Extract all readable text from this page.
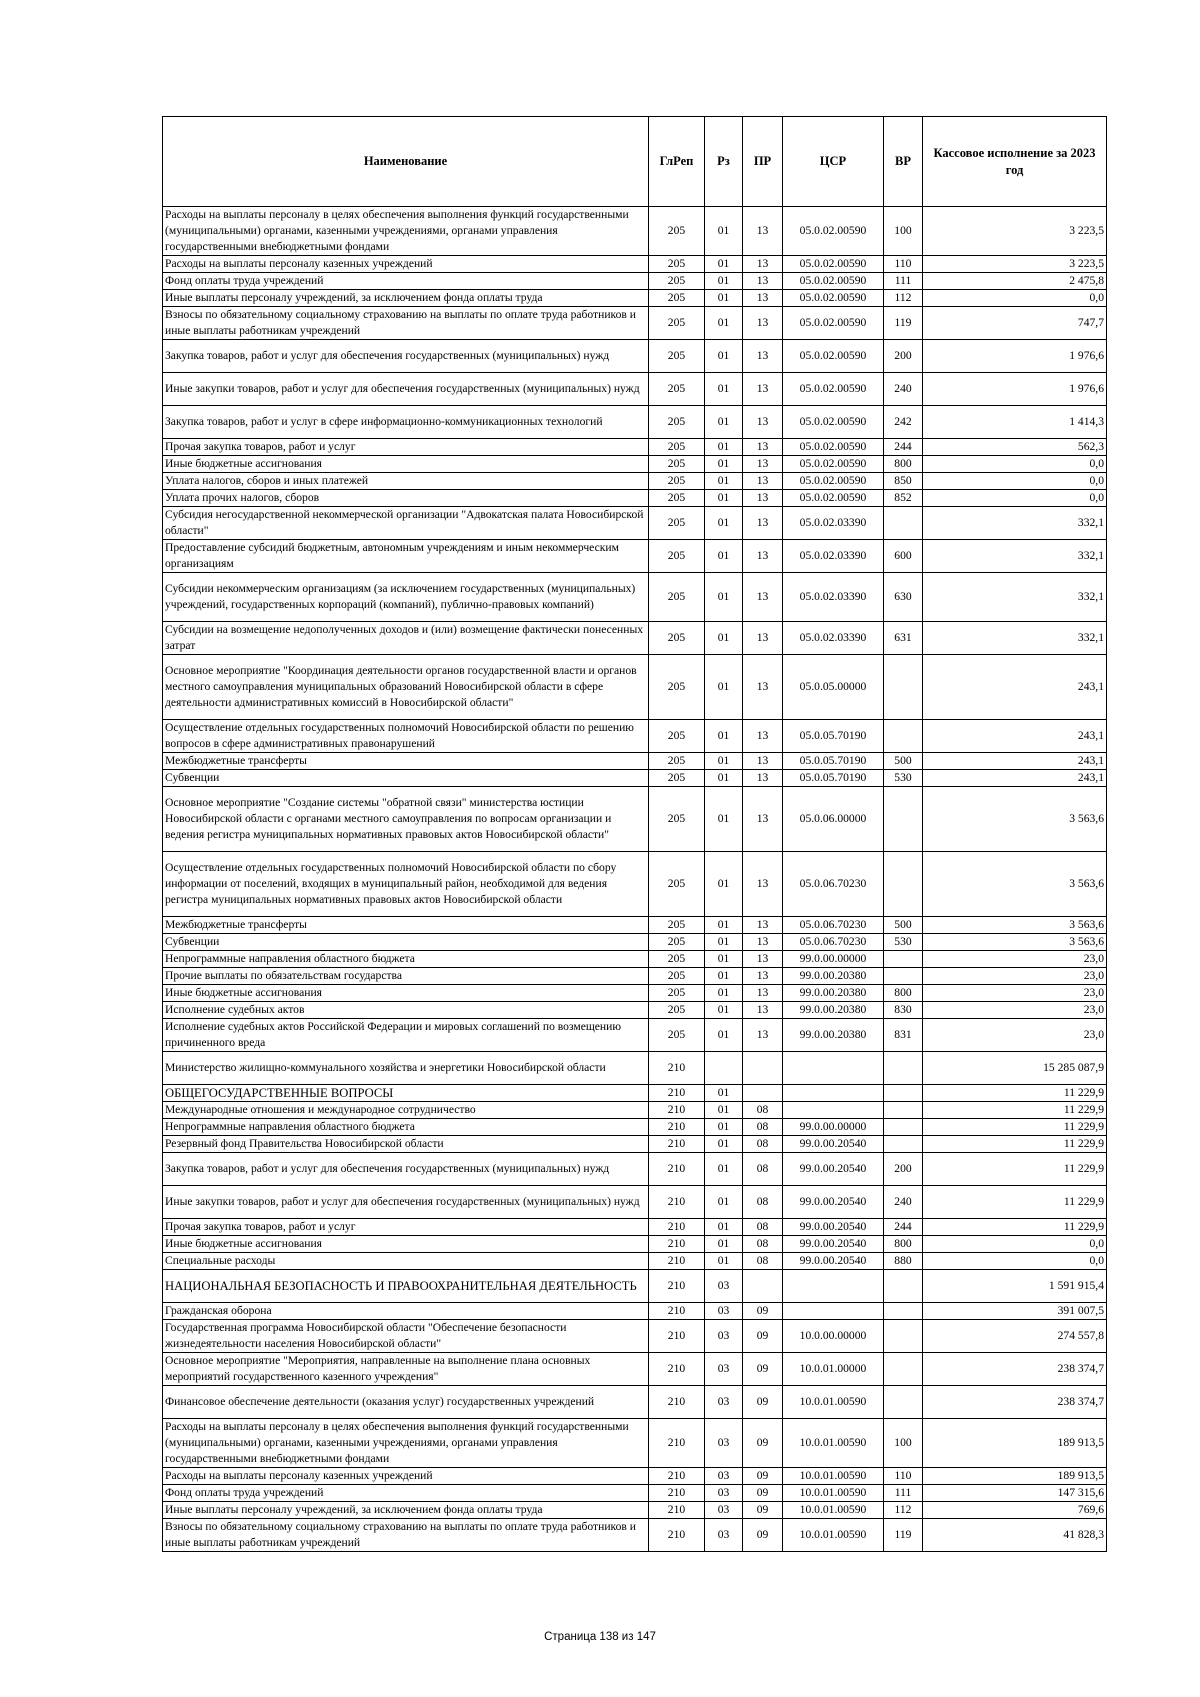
Наименование	ГлРеп	Рз	ПР	ЦСР	ВР	Кассовое исполнение за 2023 год
Расходы на выплаты персоналу в целях обеспечения выполнения функций государственными (муниципальными) органами, казенными учреждениями, органами управления государственными внебюджетными фондами	205	01	13	05.0.02.00590	100	3 223,5
Расходы на выплаты персоналу казенных учреждений	205	01	13	05.0.02.00590	110	3 223,5
Фонд оплаты труда учреждений	205	01	13	05.0.02.00590	111	2 475,8
Иные выплаты персоналу учреждений, за исключением фонда оплаты труда	205	01	13	05.0.02.00590	112	0,0
Взносы по обязательному социальному страхованию на выплаты по оплате труда работников и иные выплаты работникам учреждений	205	01	13	05.0.02.00590	119	747,7
Закупка товаров, работ и услуг для обеспечения государственных (муниципальных) нужд	205	01	13	05.0.02.00590	200	1 976,6
Иные закупки товаров, работ и услуг для обеспечения государственных (муниципальных) нужд	205	01	13	05.0.02.00590	240	1 976,6
Закупка товаров, работ и услуг в сфере информационно-коммуникационных технологий	205	01	13	05.0.02.00590	242	1 414,3
Прочая закупка товаров, работ и услуг	205	01	13	05.0.02.00590	244	562,3
Иные бюджетные ассигнования	205	01	13	05.0.02.00590	800	0,0
Уплата налогов, сборов и иных платежей	205	01	13	05.0.02.00590	850	0,0
Уплата прочих налогов, сборов	205	01	13	05.0.02.00590	852	0,0
Субсидия негосударственной некоммерческой организации "Адвокатская палата Новосибирской области"	205	01	13	05.0.02.03390		332,1
Предоставление субсидий бюджетным, автономным учреждениям и иным некоммерческим организациям	205	01	13	05.0.02.03390	600	332,1
Субсидии некоммерческим организациям (за исключением государственных (муниципальных) учреждений, государственных корпораций (компаний), публично-правовых компаний)	205	01	13	05.0.02.03390	630	332,1
Субсидии на возмещение недополученных доходов и (или) возмещение фактически понесенных затрат	205	01	13	05.0.02.03390	631	332,1
Основное мероприятие "Координация деятельности органов государственной власти и органов местного самоуправления муниципальных образований Новосибирской области в сфере деятельности административных комиссий в Новосибирской области"	205	01	13	05.0.05.00000		243,1
Осуществление отдельных государственных полномочий Новосибирской области по решению вопросов в сфере административных правонарушений	205	01	13	05.0.05.70190		243,1
Межбюджетные трансферты	205	01	13	05.0.05.70190	500	243,1
Субвенции	205	01	13	05.0.05.70190	530	243,1
Основное мероприятие "Создание системы "обратной связи" министерства юстиции Новосибирской области с органами местного самоуправления по вопросам организации и ведения регистра муниципальных нормативных правовых актов Новосибирской области"	205	01	13	05.0.06.00000		3 563,6
Осуществление отдельных государственных полномочий Новосибирской области по сбору информации от поселений, входящих в муниципальный район, необходимой для ведения регистра муниципальных нормативных правовых актов Новосибирской области	205	01	13	05.0.06.70230		3 563,6
Межбюджетные трансферты	205	01	13	05.0.06.70230	500	3 563,6
Субвенции	205	01	13	05.0.06.70230	530	3 563,6
Непрограммные направления областного бюджета	205	01	13	99.0.00.00000		23,0
Прочие выплаты по обязательствам государства	205	01	13	99.0.00.20380		23,0
Иные бюджетные ассигнования	205	01	13	99.0.00.20380	800	23,0
Исполнение судебных актов	205	01	13	99.0.00.20380	830	23,0
Исполнение судебных актов Российской Федерации и мировых соглашений по возмещению причиненного вреда	205	01	13	99.0.00.20380	831	23,0
Министерство жилищно-коммунального хозяйства и энергетики Новосибирской области	210					15 285 087,9
ОБЩЕГОСУДАРСТВЕННЫЕ ВОПРОСЫ	210	01				11 229,9
Международные отношения и международное сотрудничество	210	01	08			11 229,9
Непрограммные направления областного бюджета	210	01	08	99.0.00.00000		11 229,9
Резервный фонд Правительства Новосибирской области	210	01	08	99.0.00.20540		11 229,9
Закупка товаров, работ и услуг для обеспечения государственных (муниципальных) нужд	210	01	08	99.0.00.20540	200	11 229,9
Иные закупки товаров, работ и услуг для обеспечения государственных (муниципальных) нужд	210	01	08	99.0.00.20540	240	11 229,9
Прочая закупка товаров, работ и услуг	210	01	08	99.0.00.20540	244	11 229,9
Иные бюджетные ассигнования	210	01	08	99.0.00.20540	800	0,0
Специальные расходы	210	01	08	99.0.00.20540	880	0,0
НАЦИОНАЛЬНАЯ БЕЗОПАСНОСТЬ И ПРАВООХРАНИТЕЛЬНАЯ ДЕЯТЕЛЬНОСТЬ	210	03				1 591 915,4
Гражданская оборона	210	03	09			391 007,5
Государственная программа Новосибирской области "Обеспечение безопасности жизнедеятельности населения Новосибирской области"	210	03	09	10.0.00.00000		274 557,8
Основное мероприятие "Мероприятия, направленные на выполнение плана основных мероприятий государственного казенного учреждения"	210	03	09	10.0.01.00000		238 374,7
Финансовое обеспечение деятельности (оказания услуг) государственных учреждений	210	03	09	10.0.01.00590		238 374,7
Расходы на выплаты персоналу в целях обеспечения выполнения функций государственными (муниципальными) органами, казенными учреждениями, органами управления государственными внебюджетными фондами	210	03	09	10.0.01.00590	100	189 913,5
Расходы на выплаты персоналу казенных учреждений	210	03	09	10.0.01.00590	110	189 913,5
Фонд оплаты труда учреждений	210	03	09	10.0.01.00590	111	147 315,6
Иные выплаты персоналу учреждений, за исключением фонда оплаты труда	210	03	09	10.0.01.00590	112	769,6
Взносы по обязательному социальному страхованию на выплаты по оплате труда работников и иные выплаты работникам учреждений	210	03	09	10.0.01.00590	119	41 828,3
Страница 138 из 147
